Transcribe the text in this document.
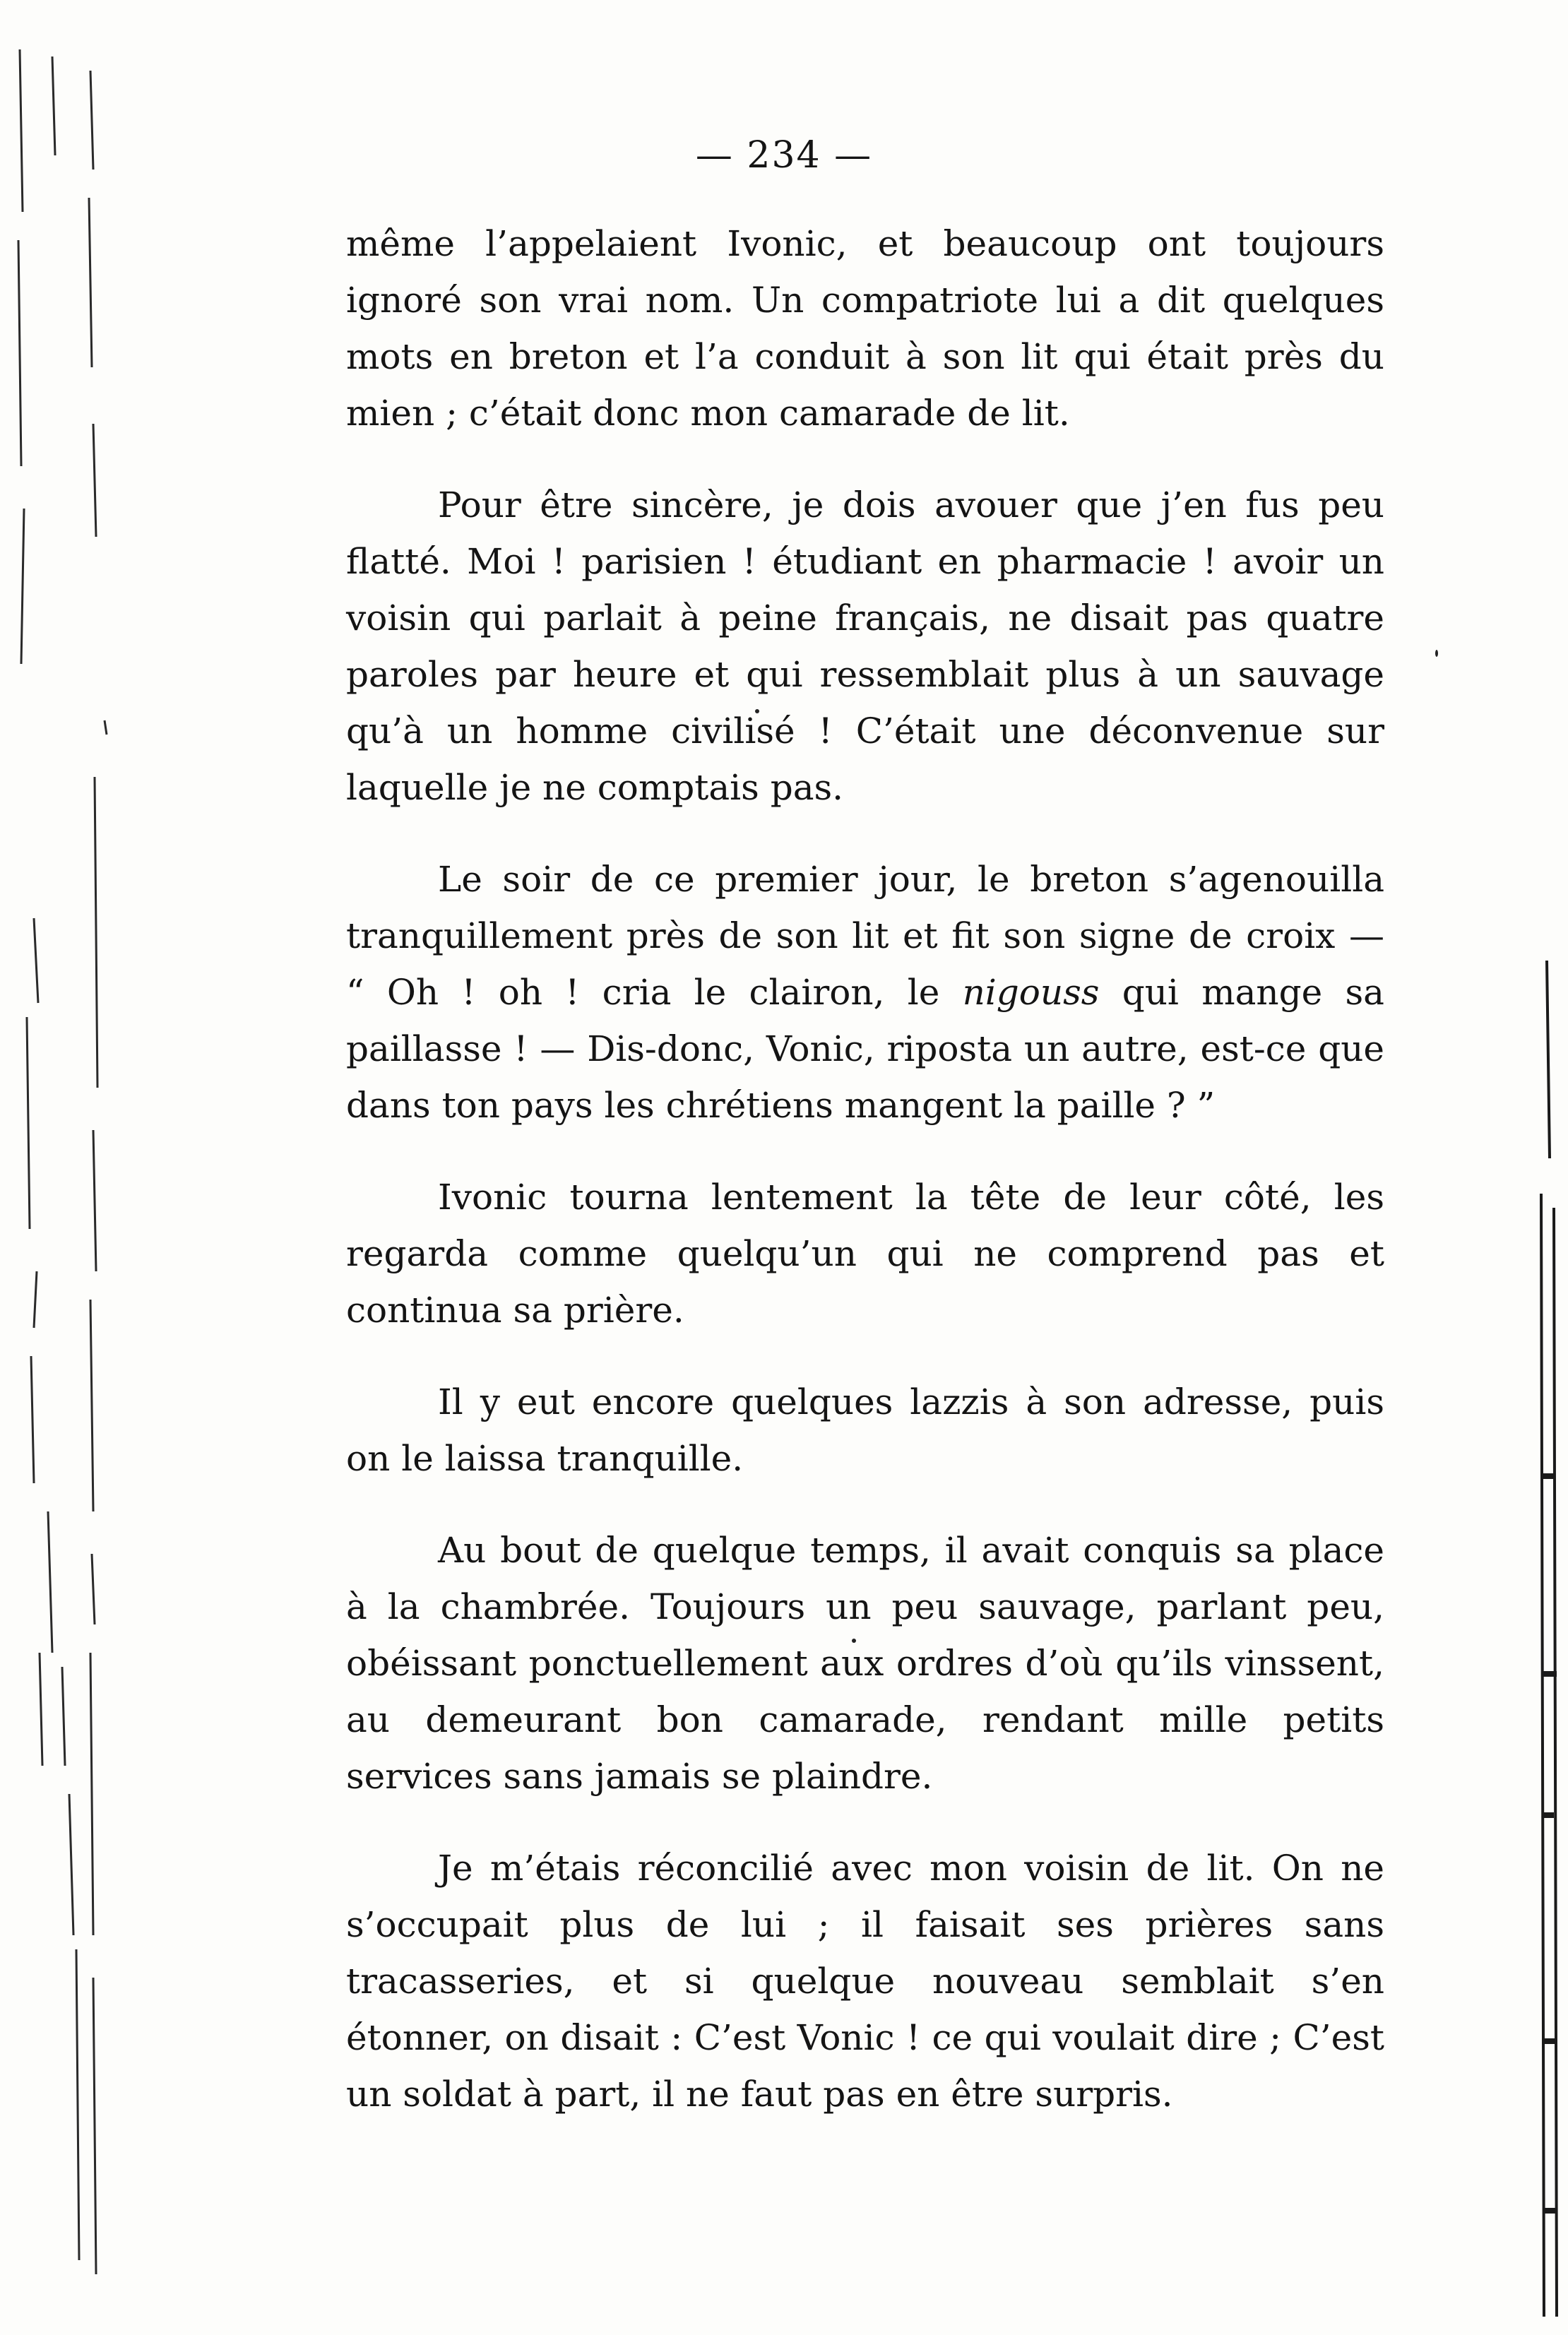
— 234 —

même l’appelaient Ivonic, et beaucoup ont toujours ignoré son vrai nom. Un compatriote lui a dit quelques mots en breton et l’a conduit à son lit qui était près du mien ; c’était donc mon camarade de lit.

Pour être sincère, je dois avouer que j’en fus peu flatté. Moi ! parisien ! étudiant en pharmacie ! avoir un voisin qui parlait à peine français, ne disait pas quatre paroles par heure et qui ressemblait plus à un sauvage qu’à un homme civilisé ! C’était une déconvenue sur laquelle je ne comptais pas.

Le soir de ce premier jour, le breton s’agenouilla tranquillement près de son lit et fit son signe de croix — “ Oh ! oh ! cria le clairon, le nigouss qui mange sa paillasse ! — Dis-donc, Vonic, riposta un autre, est-ce que dans ton pays les chrétiens mangent la paille ? ”

Ivonic tourna lentement la tête de leur côté, les regarda comme quelqu’un qui ne comprend pas et continua sa prière.

Il y eut encore quelques lazzis à son adresse, puis on le laissa tranquille.

Au bout de quelque temps, il avait conquis sa place à la chambrée. Toujours un peu sauvage, parlant peu, obéissant ponctuellement aux ordres d’où qu’ils vinssent, au demeurant bon camarade, rendant mille petits services sans jamais se plaindre.

Je m’étais réconcilié avec mon voisin de lit. On ne s’occupait plus de lui ; il faisait ses prières sans tracasseries, et si quelque nouveau semblait s’en étonner, on disait : C’est Vonic ! ce qui voulait dire ; C’est un soldat à part, il ne faut pas en être surpris.
